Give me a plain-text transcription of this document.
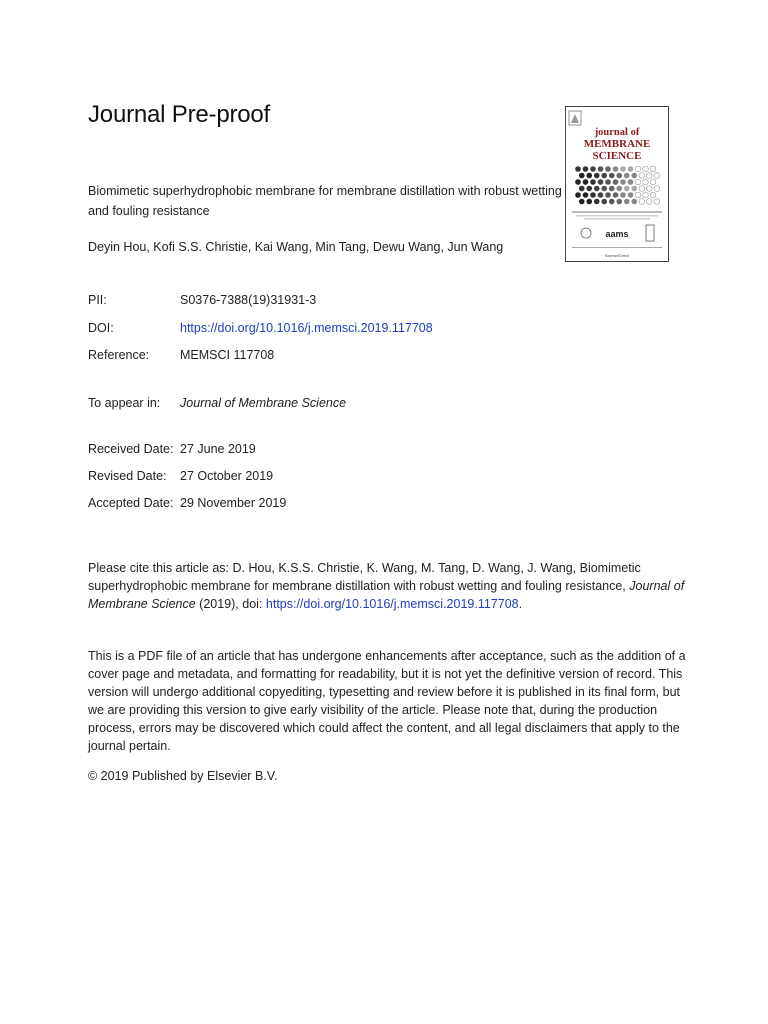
Journal Pre-proof
journal of
MEMBRANE
SCIENCE
aams
ScienceDirect

Biomimetic superhydrophobic membrane for membrane distillation with robust wetting and fouling resistance

Deyin Hou, Kofi S.S. Christie, Kai Wang, Min Tang, Dewu Wang, Jun Wang
PII:	S0376-7388(19)31931-3
DOI:	https://doi.org/10.1016/j.memsci.2019.117708
Reference: MEMSCI 117708
To appear in: Journal of Membrane Science
Received Date: 27 June 2019
Revised Date: 27 October 2019
Accepted Date: 29 November 2019

Please cite this article as: D. Hou, K.S.S. Christie, K. Wang, M. Tang, D. Wang, J. Wang, Biomimetic superhydrophobic membrane for membrane distillation with robust wetting and fouling resistance, Journal of Membrane Science (2019), doi: https://doi.org/10.1016/j.memsci.2019.117708.

This is a PDF file of an article that has undergone enhancements after acceptance, such as the addition of a cover page and metadata, and formatting for readability, but it is not yet the definitive version of record. This version will undergo additional copyediting, typesetting and review before it is published in its final form, but we are providing this version to give early visibility of the article. Please note that, during the production process, errors may be discovered which could affect the content, and all legal disclaimers that apply to the journal pertain.

© 2019 Published by Elsevier B.V.
